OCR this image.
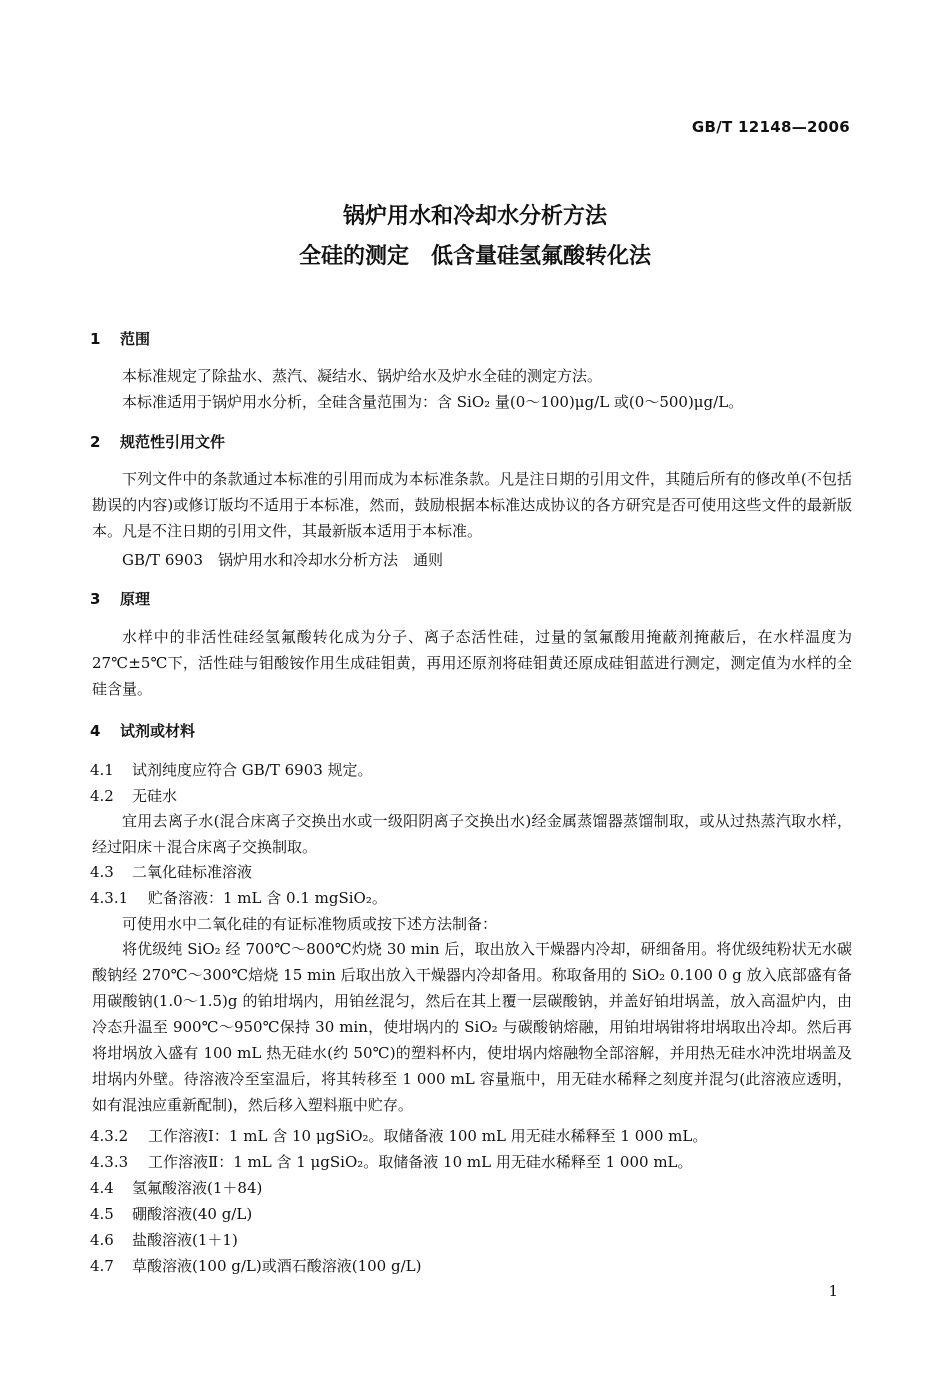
GB/T 12148—2006
锅炉用水和冷却水分析方法
全硅的测定　低含量硅氢氟酸转化法
1 范围
本标准规定了除盐水、蒸汽、凝结水、锅炉给水及炉水全硅的测定方法。
本标准适用于锅炉用水分析，全硅含量范围为：含 SiO₂ 量(0～100)μg/L 或(0～500)μg/L。
2 规范性引用文件
下列文件中的条款通过本标准的引用而成为本标准条款。凡是注日期的引用文件，其随后所有的修改单(不包括勘误的内容)或修订版均不适用于本标准，然而，鼓励根据本标准达成协议的各方研究是否可使用这些文件的最新版本。凡是不注日期的引用文件，其最新版本适用于本标准。
GB/T 6903　锅炉用水和冷却水分析方法　通则
3 原理
水样中的非活性硅经氢氟酸转化成为分子、离子态活性硅，过量的氢氟酸用掩蔽剂掩蔽后，在水样温度为 27℃±5℃下，活性硅与钼酸铵作用生成硅钼黄，再用还原剂将硅钼黄还原成硅钼蓝进行测定，测定值为水样的全硅含量。
4 试剂或材料
4.1 试剂纯度应符合 GB/T 6903 规定。
4.2 无硅水
宜用去离子水(混合床离子交换出水或一级阳阴离子交换出水)经金属蒸馏器蒸馏制取，或从过热蒸汽取水样，经过阳床＋混合床离子交换制取。
4.3 二氧化硅标准溶液
4.3.1 贮备溶液：1 mL 含 0.1 mgSiO₂。
可使用水中二氧化硅的有证标准物质或按下述方法制备：
将优级纯 SiO₂ 经 700℃～800℃灼烧 30 min 后，取出放入干燥器内冷却，研细备用。将优级纯粉状无水碳酸钠经 270℃～300℃焙烧 15 min 后取出放入干燥器内冷却备用。称取备用的 SiO₂ 0.100 0 g 放入底部盛有备用碳酸钠(1.0～1.5)g 的铂坩埚内，用铂丝混匀，然后在其上覆一层碳酸钠，并盖好铂坩埚盖，放入高温炉内，由冷态升温至 900℃～950℃保持 30 min，使坩埚内的 SiO₂ 与碳酸钠熔融，用铂坩埚钳将坩埚取出冷却。然后再将坩埚放入盛有 100 mL 热无硅水(约 50℃)的塑料杯内，使坩埚内熔融物全部溶解，并用热无硅水冲洗坩埚盖及坩埚内外壁。待溶液冷至室温后，将其转移至 1 000 mL 容量瓶中，用无硅水稀释之刻度并混匀(此溶液应透明，如有混浊应重新配制)，然后移入塑料瓶中贮存。
4.3.2 工作溶液Ⅰ：1 mL 含 10 μgSiO₂。取储备液 100 mL 用无硅水稀释至 1 000 mL。
4.3.3 工作溶液Ⅱ：1 mL 含 1 μgSiO₂。取储备液 10 mL 用无硅水稀释至 1 000 mL。
4.4 氢氟酸溶液(1＋84)
4.5 硼酸溶液(40 g/L)
4.6 盐酸溶液(1＋1)
4.7 草酸溶液(100 g/L)或酒石酸溶液(100 g/L)
1
